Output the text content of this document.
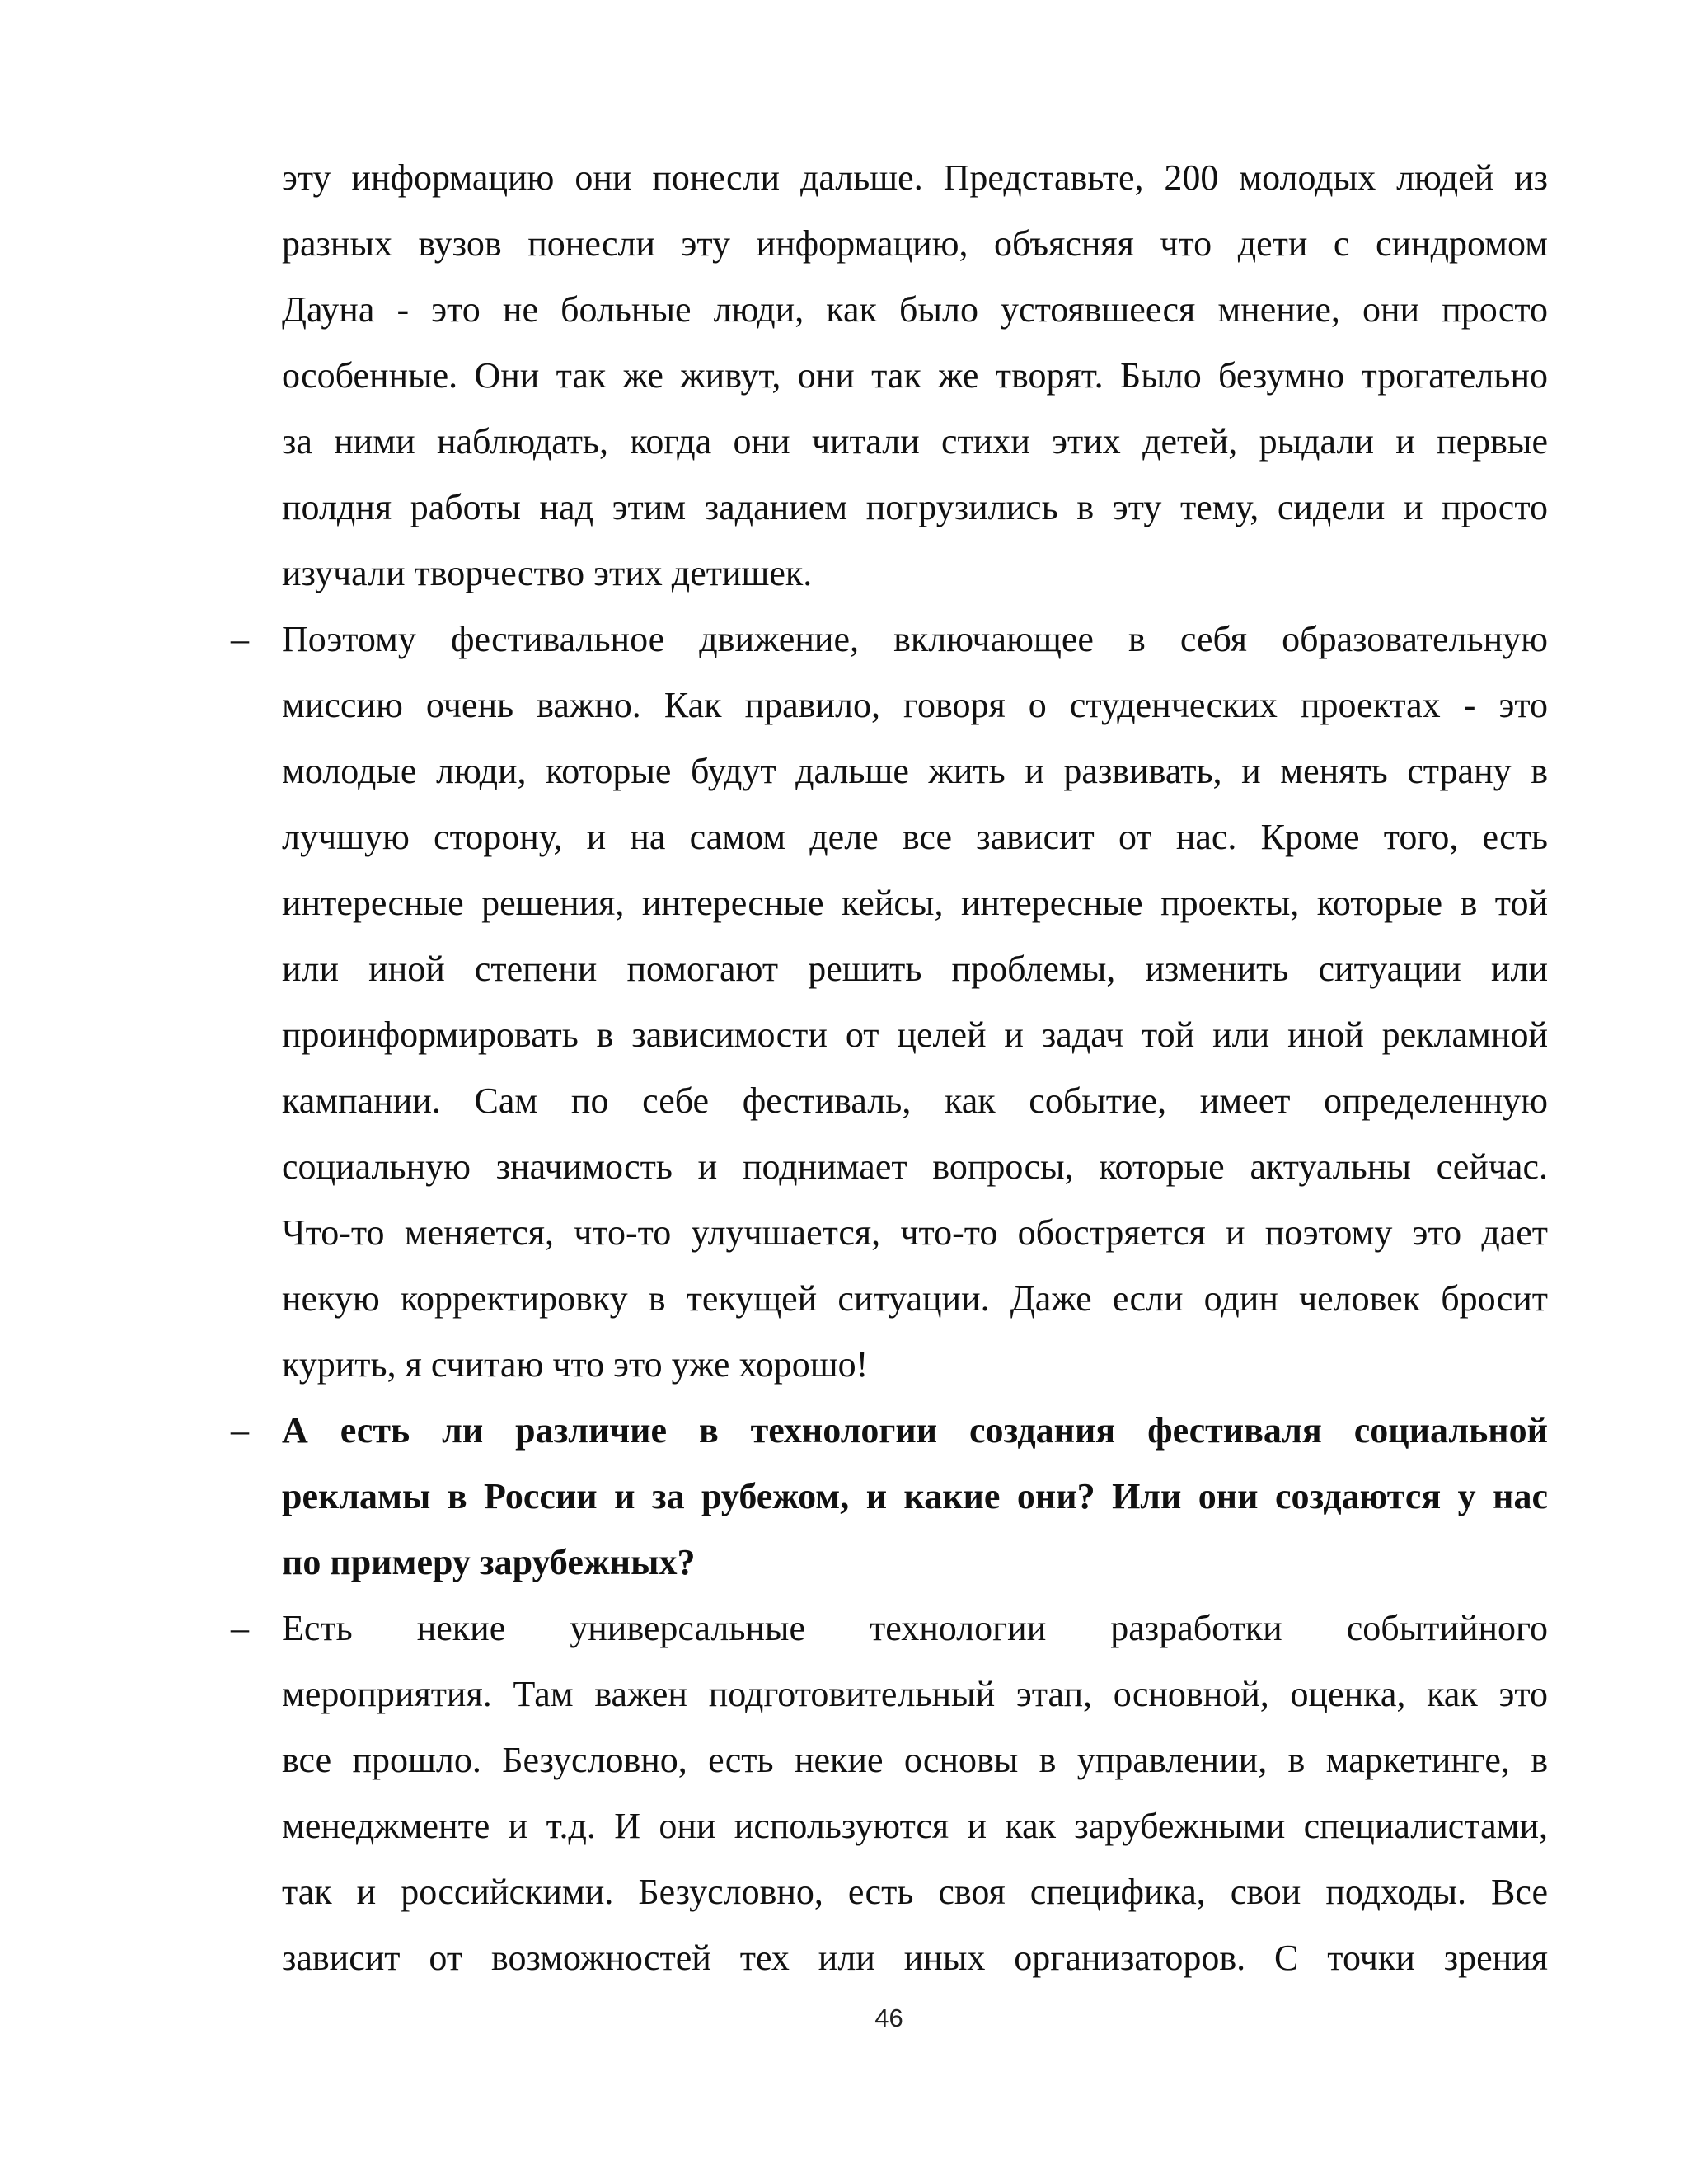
эту информацию они понесли дальше. Представьте, 200 молодых людей из
разных вузов понесли эту информацию, объясняя что дети с синдромом
Дауна - это не больные люди, как было устоявшееся мнение, они просто
особенные. Они так же живут, они так же творят. Было безумно трогательно
за ними наблюдать, когда они читали стихи этих детей, рыдали и первые
полдня работы над этим заданием погрузились в эту тему, сидели и просто
изучали творчество этих детишек.
– Поэтому фестивальное движение, включающее в себя образовательную
миссию очень важно. Как правило, говоря о студенческих проектах - это
молодые люди, которые будут дальше жить и развивать, и менять страну в
лучшую сторону, и на самом деле все зависит от нас. Кроме того, есть
интересные решения, интересные кейсы, интересные проекты, которые в той
или иной степени помогают решить проблемы, изменить ситуации или
проинформировать в зависимости от целей и задач той или иной рекламной
кампании. Сам по себе фестиваль, как событие, имеет определенную
социальную значимость и поднимает вопросы, которые актуальны сейчас.
Что-то меняется, что-то улучшается, что-то обостряется и поэтому это дает
некую корректировку в текущей ситуации. Даже если один человек бросит
курить, я считаю что это уже хорошо!
– А есть ли различие в технологии создания фестиваля социальной
рекламы в России и за рубежом, и какие они? Или они создаются у нас
по примеру зарубежных?
– Есть некие универсальные технологии разработки событийного
мероприятия. Там важен подготовительный этап, основной, оценка, как это
все прошло. Безусловно, есть некие основы в управлении, в маркетинге, в
менеджменте и т.д. И они используются и как зарубежными специалистами,
так и российскими. Безусловно, есть своя специфика, свои подходы. Все
зависит от возможностей тех или иных организаторов. С точки зрения
46
